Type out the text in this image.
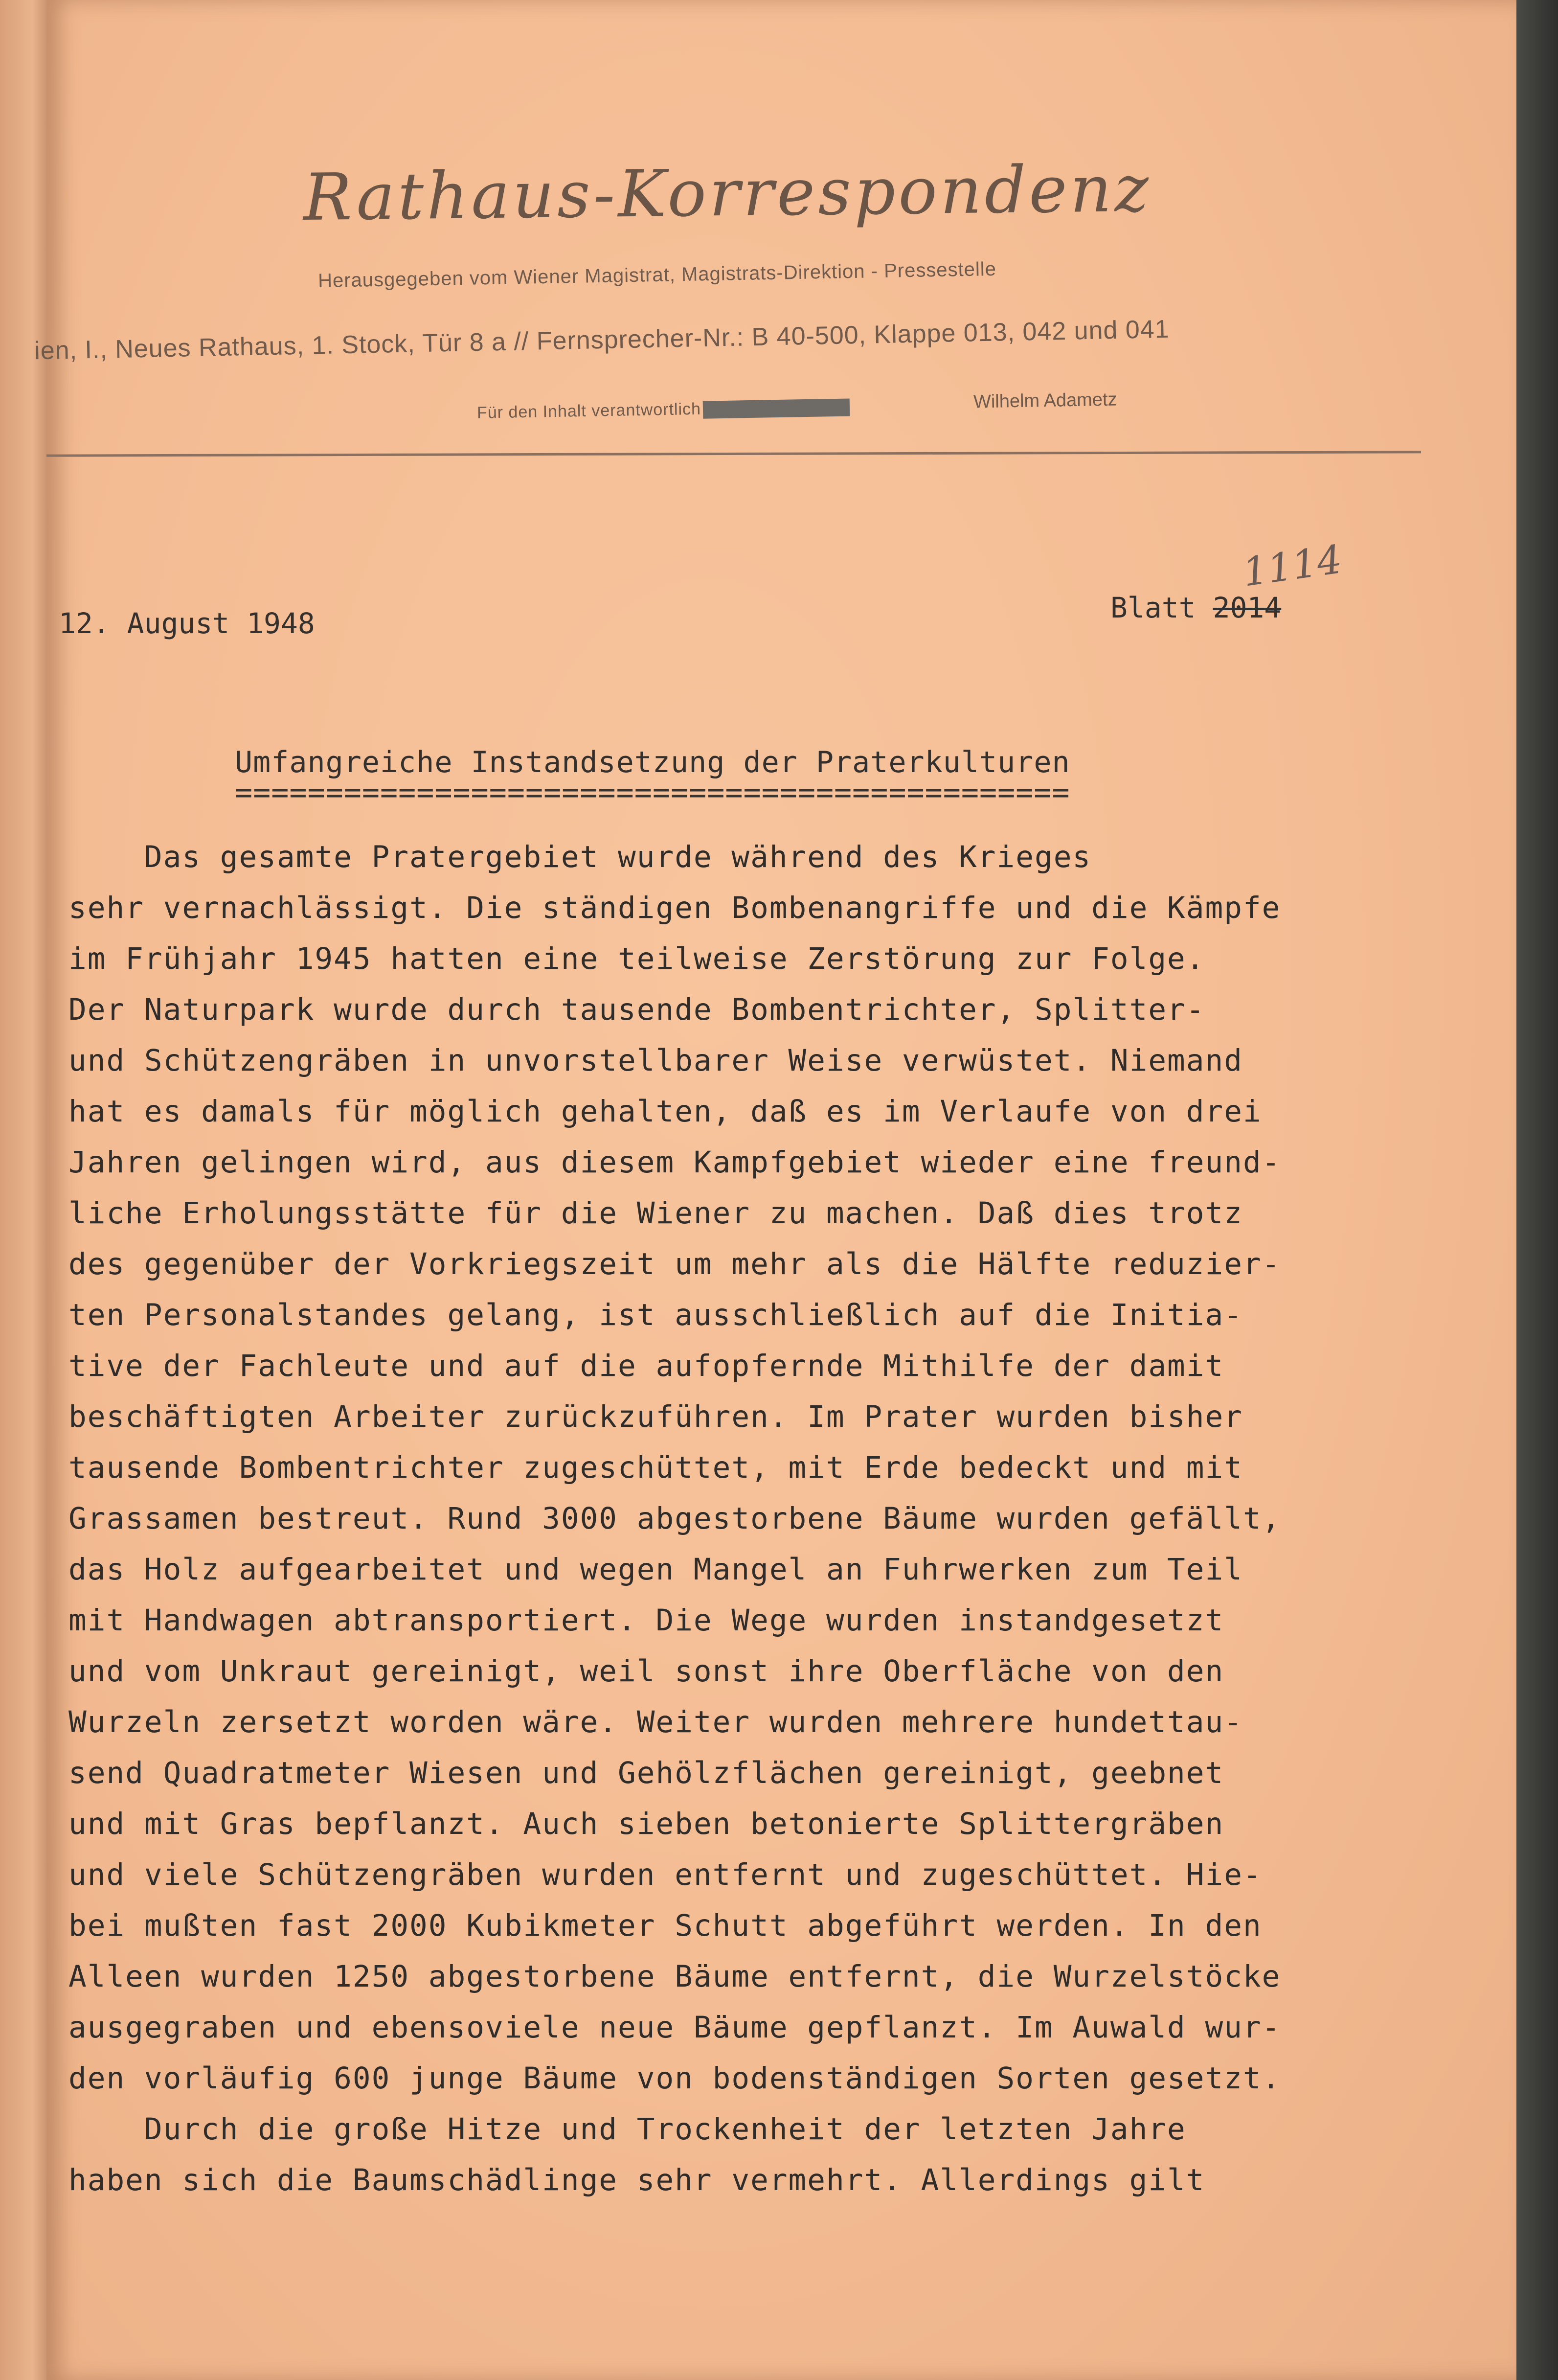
Rathaus-Korrespondenz
Herausgegeben vom Wiener Magistrat, Magistrats-Direktion - Pressestelle
ien, I., Neues Rathaus, 1. Stock, Tür 8 a // Fernsprecher-Nr.: B 40-500, Klappe 013, 042 und 041
Für den Inhalt verantwortlich	Wilhelm Adametz
12. August 1948	Blatt 2014
1114
Umfangreiche Instandsetzung der Praterkulturen
==============================================
Das gesamte Pratergebiet wurde während des Krieges
sehr vernachlässigt. Die ständigen Bombenangriffe und die Kämpfe
im Frühjahr 1945 hatten eine teilweise Zerstörung zur Folge.
Der Naturpark wurde durch tausende Bombentrichter, Splitter-
und Schützengräben in unvorstellbarer Weise verwüstet. Niemand
hat es damals für möglich gehalten, daß es im Verlaufe von drei
Jahren gelingen wird, aus diesem Kampfgebiet wieder eine freund-
liche Erholungsstätte für die Wiener zu machen. Daß dies trotz
des gegenüber der Vorkriegszeit um mehr als die Hälfte reduzier-
ten Personalstandes gelang, ist ausschließlich auf die Initia-
tive der Fachleute und auf die aufopfernde Mithilfe der damit
beschäftigten Arbeiter zurückzuführen. Im Prater wurden bisher
tausende Bombentrichter zugeschüttet, mit Erde bedeckt und mit
Grassamen bestreut. Rund 3000 abgestorbene Bäume wurden gefällt,
das Holz aufgearbeitet und wegen Mangel an Fuhrwerken zum Teil
mit Handwagen abtransportiert. Die Wege wurden instandgesetzt
und vom Unkraut gereinigt, weil sonst ihre Oberfläche von den
Wurzeln zersetzt worden wäre. Weiter wurden mehrere hundettau-
send Quadratmeter Wiesen und Gehölzflächen gereinigt, geebnet
und mit Gras bepflanzt. Auch sieben betonierte Splittergräben
und viele Schützengräben wurden entfernt und zugeschüttet. Hie-
bei mußten fast 2000 Kubikmeter Schutt abgeführt werden. In den
Alleen wurden 1250 abgestorbene Bäume entfernt, die Wurzelstöcke
ausgegraben und ebensoviele neue Bäume gepflanzt. Im Auwald wur-
den vorläufig 600 junge Bäume von bodenständigen Sorten gesetzt.
Durch die große Hitze und Trockenheit der letzten Jahre
haben sich die Baumschädlinge sehr vermehrt. Allerdings gilt
